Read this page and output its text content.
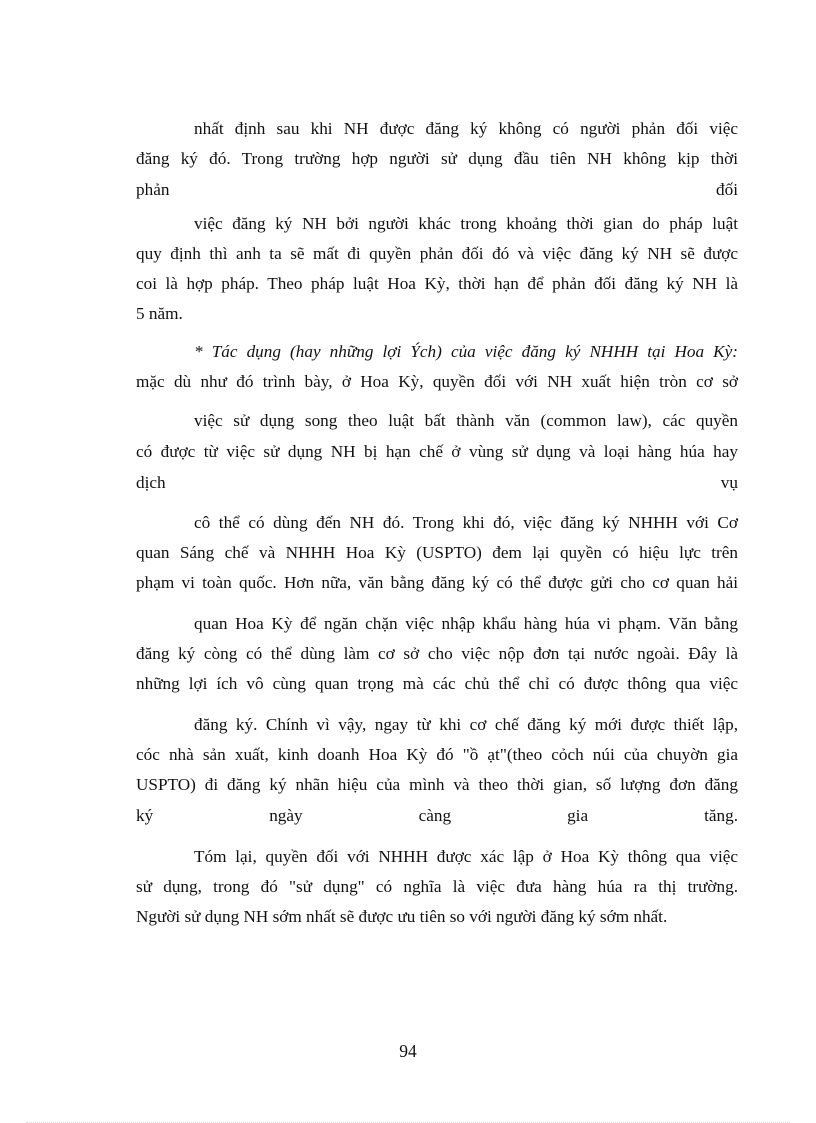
nhất định sau khi NH được đăng ký không có người phản đối việc
đăng ký đó. Trong trường hợp người sử dụng đầu tiên NH không kịp thời
phản đối
việc đăng ký NH bởi người khác trong khoảng thời gian do pháp luật
quy định thì anh ta sẽ mất đi quyền phản đối đó và việc đăng ký NH sẽ được
coi là hợp pháp. Theo pháp luật Hoa Kỳ, thời hạn để phản đối đăng ký NH là
5 năm.
* Tác dụng (hay những lợi Ých) của việc đăng ký NHHH tại Hoa Kỳ:
mặc dù như đó trình bày, ở Hoa Kỳ, quyền đối với NH xuất hiện tròn cơ sở
việc sử dụng song theo luật bất thành văn (common law), các quyền
có được từ việc sử dụng NH bị hạn chế ở vùng sử dụng và loại hàng húa hay
dịch vụ
cô thể có dùng đến NH đó. Trong khi đó, việc đăng ký NHHH với Cơ
quan Sáng chế và NHHH Hoa Kỳ (USPTO) đem lại quyền có hiệu lực trên
phạm vi toàn quốc. Hơn nữa, văn bằng đăng ký có thể được gửi cho cơ quan hải
quan Hoa Kỳ để ngăn chặn việc nhập khẩu hàng húa vi phạm. Văn bằng
đăng ký còng có thể dùng làm cơ sở cho việc nộp đơn tại nước ngoài. Đây là
những lợi ích vô cùng quan trọng mà các chủ thể chỉ có được thông qua việc
đăng ký. Chính vì vậy, ngay từ khi cơ chế đăng ký mới được thiết lập,
cóc nhà sản xuất, kinh doanh Hoa Kỳ đó "ồ ạt"(theo cỏch núi của chuyờn gia
USPTO) đi đăng ký nhãn hiệu của mình và theo thời gian, số lượng đơn đăng
ký ngày càng gia tăng.
Tóm lại, quyền đối với NHHH được xác lập ở Hoa Kỳ thông qua việc
sử dụng, trong đó "sử dụng" có nghĩa là việc đưa hàng húa ra thị trường.
Người sử dụng NH sớm nhất sẽ được ưu tiên so với người đăng ký sớm nhất.
94
